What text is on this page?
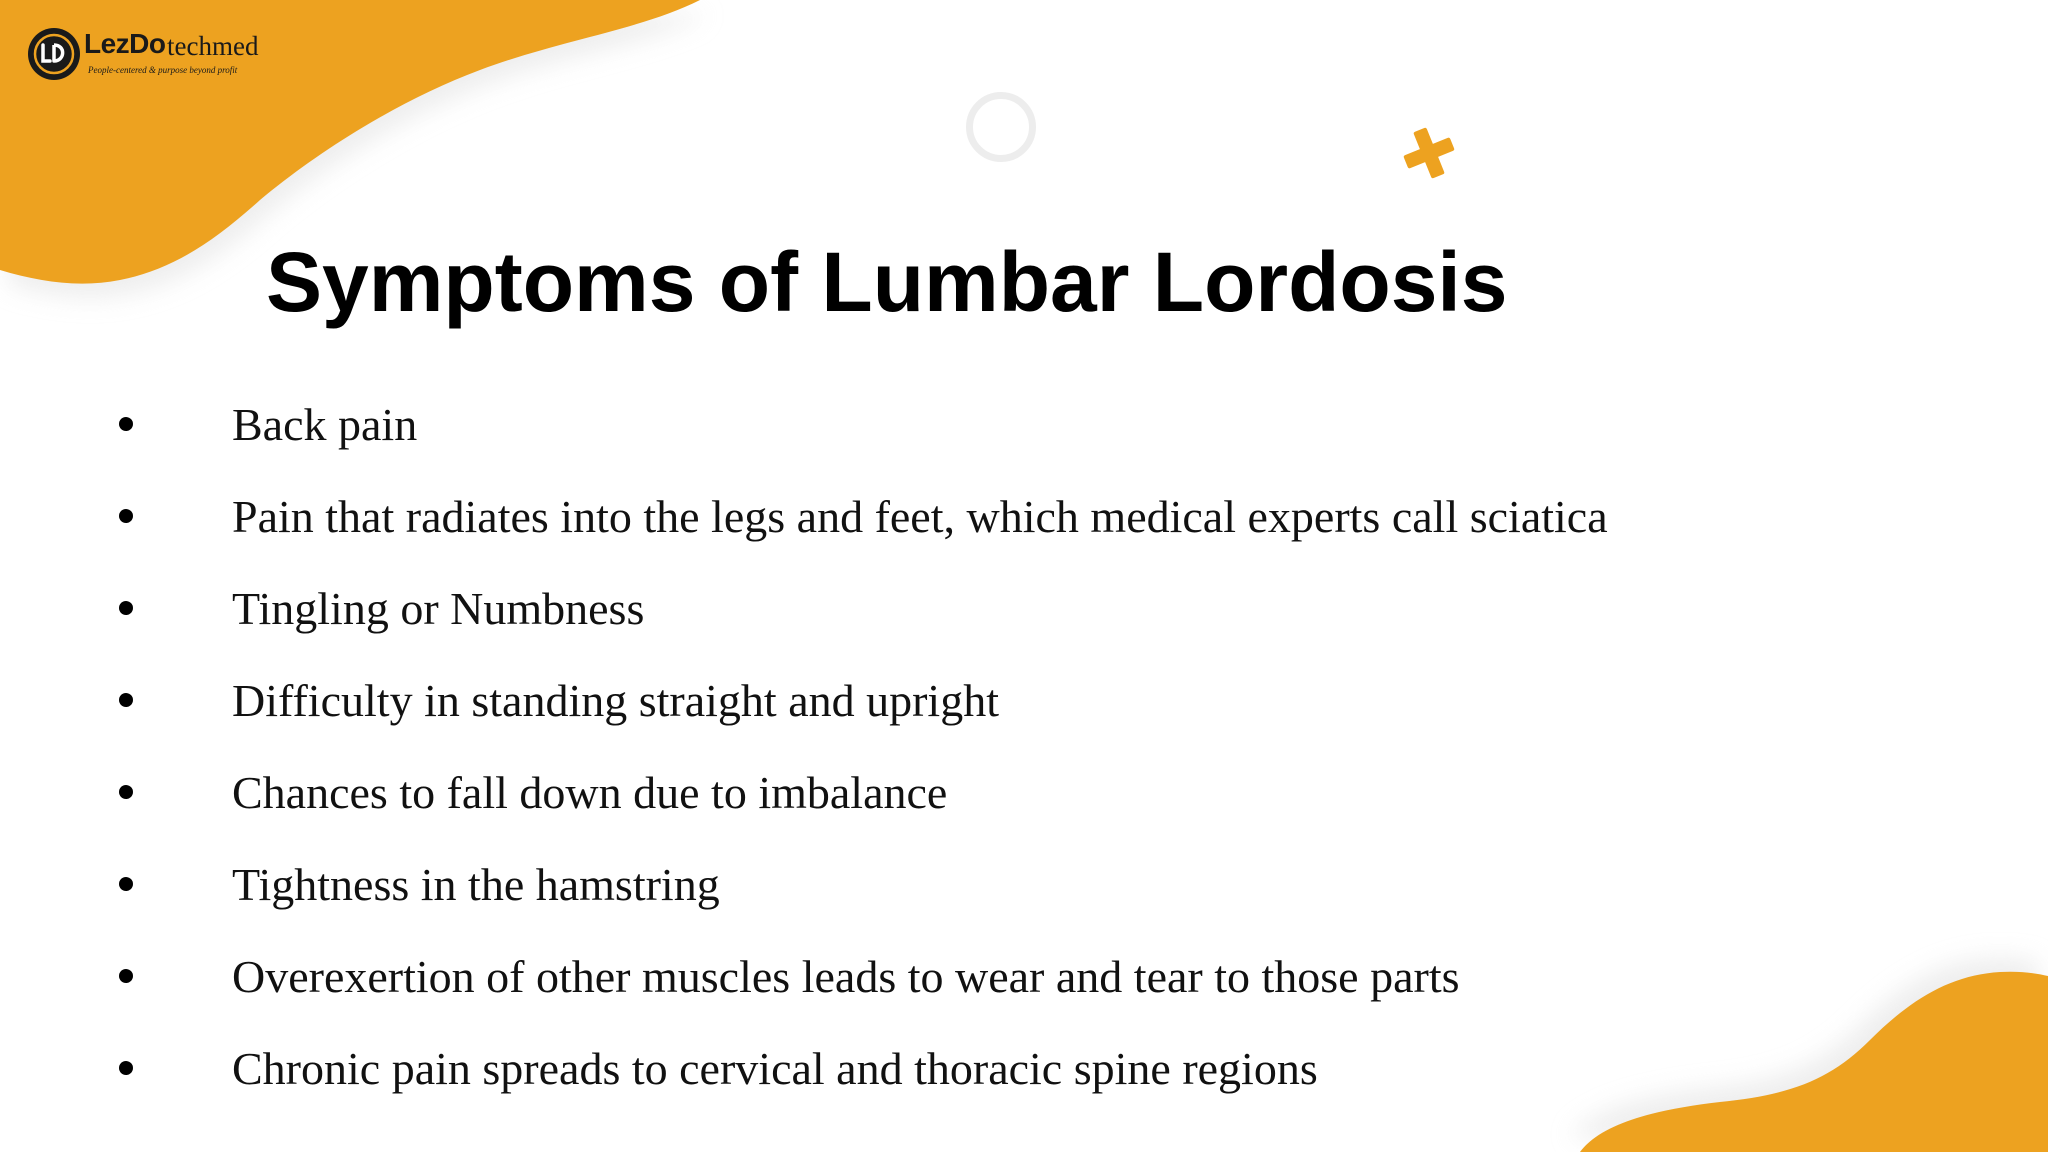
LezDo techmed
People-centered & purpose beyond profit
Symptoms of Lumbar Lordosis
Back pain
Pain that radiates into the legs and feet, which medical experts call sciatica
Tingling or Numbness
Difficulty in standing straight and upright
Chances to fall down due to imbalance
Tightness in the hamstring
Overexertion of other muscles leads to wear and tear to those parts
Chronic pain spreads to cervical and thoracic spine regions
